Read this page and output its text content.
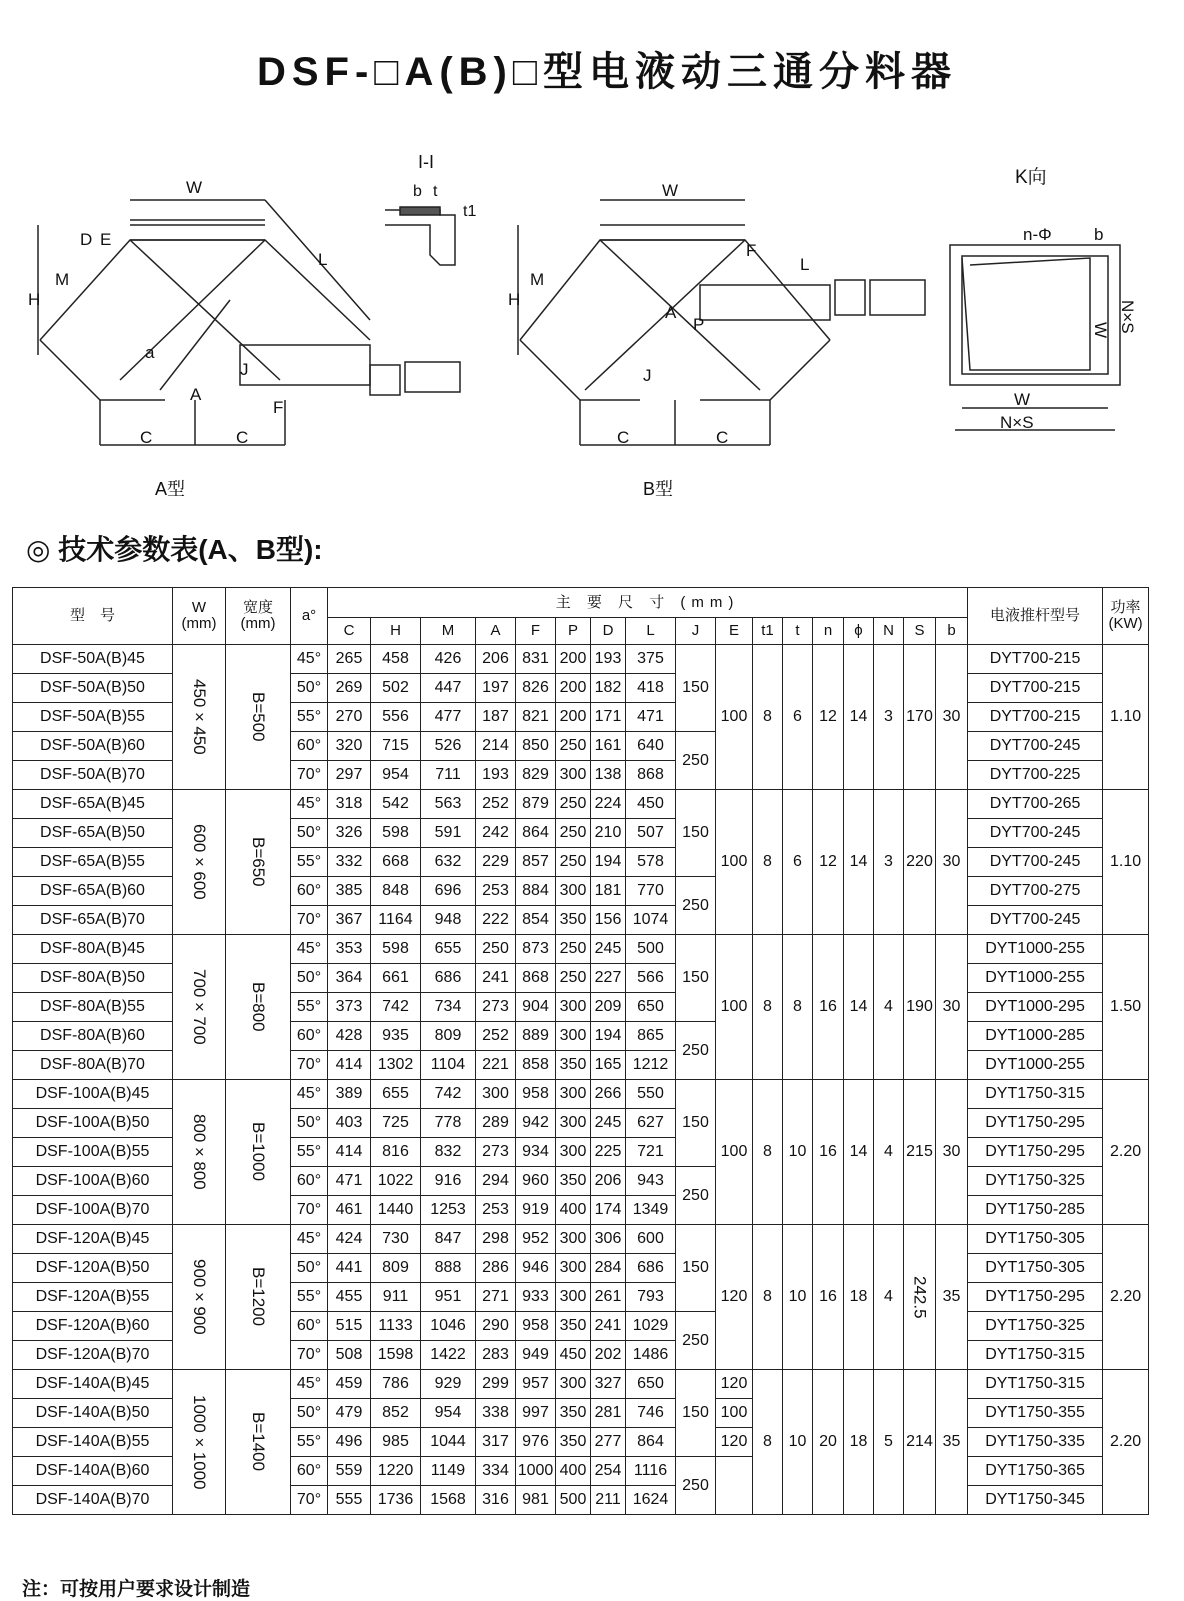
DSF-□A(B)□型电液动三通分料器
W
H
M
D E
L
C	C
A
F
J
a
A型
I-I
b t
t1
W
H
M
F
L
C	C
A
P
J
B型
K向
n-Φ b
W
N×S
W N×S
◎ 技术参数表(A、B型):
型　号	W
(mm)	宽度
(mm)	a°	主 要 尺 寸 (mm)																	电液推杆型号	功率
(KW)
				C	H	M	A	F	P	D	L	J	E	t1	t	n	ϕ	N	S	b		
DSF-50A(B)45	450×450	B=500	45°	265	458	426	206	831	200	193	375	150	100	8	6	12	14	3	170	30	DYT700-215	1.10
DSF-50A(B)50			50°	269	502	447	197	826	200	182	418										DYT700-215	
DSF-50A(B)55			55°	270	556	477	187	821	200	171	471										DYT700-215	
DSF-50A(B)60			60°	320	715	526	214	850	250	161	640	250									DYT700-245	
DSF-50A(B)70			70°	297	954	711	193	829	300	138	868										DYT700-225	
DSF-65A(B)45	600×600	B=650	45°	318	542	563	252	879	250	224	450	150	100	8	6	12	14	3	220	30	DYT700-265	1.10
DSF-65A(B)50			50°	326	598	591	242	864	250	210	507										DYT700-245	
DSF-65A(B)55			55°	332	668	632	229	857	250	194	578										DYT700-245	
DSF-65A(B)60			60°	385	848	696	253	884	300	181	770	250									DYT700-275	
DSF-65A(B)70			70°	367	1164	948	222	854	350	156	1074										DYT700-245	
DSF-80A(B)45	700×700	B=800	45°	353	598	655	250	873	250	245	500	150	100	8	8	16	14	4	190	30	DYT1000-255	1.50
DSF-80A(B)50			50°	364	661	686	241	868	250	227	566										DYT1000-255	
DSF-80A(B)55			55°	373	742	734	273	904	300	209	650										DYT1000-295	
DSF-80A(B)60			60°	428	935	809	252	889	300	194	865	250									DYT1000-285	
DSF-80A(B)70			70°	414	1302	1104	221	858	350	165	1212										DYT1000-255	
DSF-100A(B)45	800×800	B=1000	45°	389	655	742	300	958	300	266	550	150	100	8	10	16	14	4	215	30	DYT1750-315	2.20
DSF-100A(B)50			50°	403	725	778	289	942	300	245	627										DYT1750-295	
DSF-100A(B)55			55°	414	816	832	273	934	300	225	721										DYT1750-295	
DSF-100A(B)60			60°	471	1022	916	294	960	350	206	943	250									DYT1750-325	
DSF-100A(B)70			70°	461	1440	1253	253	919	400	174	1349										DYT1750-285	
DSF-120A(B)45	900×900	B=1200	45°	424	730	847	298	952	300	306	600	150	120	8	10	16	18	4	242.5	35	DYT1750-305	2.20
DSF-120A(B)50			50°	441	809	888	286	946	300	284	686										DYT1750-305	
DSF-120A(B)55			55°	455	911	951	271	933	300	261	793										DYT1750-295	
DSF-120A(B)60			60°	515	1133	1046	290	958	350	241	1029	250									DYT1750-325	
DSF-120A(B)70			70°	508	1598	1422	283	949	450	202	1486										DYT1750-315	
DSF-140A(B)45	1000×1000	B=1400	45°	459	786	929	299	957	300	327	650	150	120	8	10	20	18	5	214	35	DYT1750-315	2.20
DSF-140A(B)50			50°	479	852	954	338	997	350	281	746		100								DYT1750-355	
DSF-140A(B)55			55°	496	985	1044	317	976	350	277	864		120								DYT1750-335	
DSF-140A(B)60			60°	559	1220	1149	334	1000	400	254	1116	250									DYT1750-365	
DSF-140A(B)70			70°	555	1736	1568	316	981	500	211	1624										DYT1750-345	
注：可按用户要求设计制造
